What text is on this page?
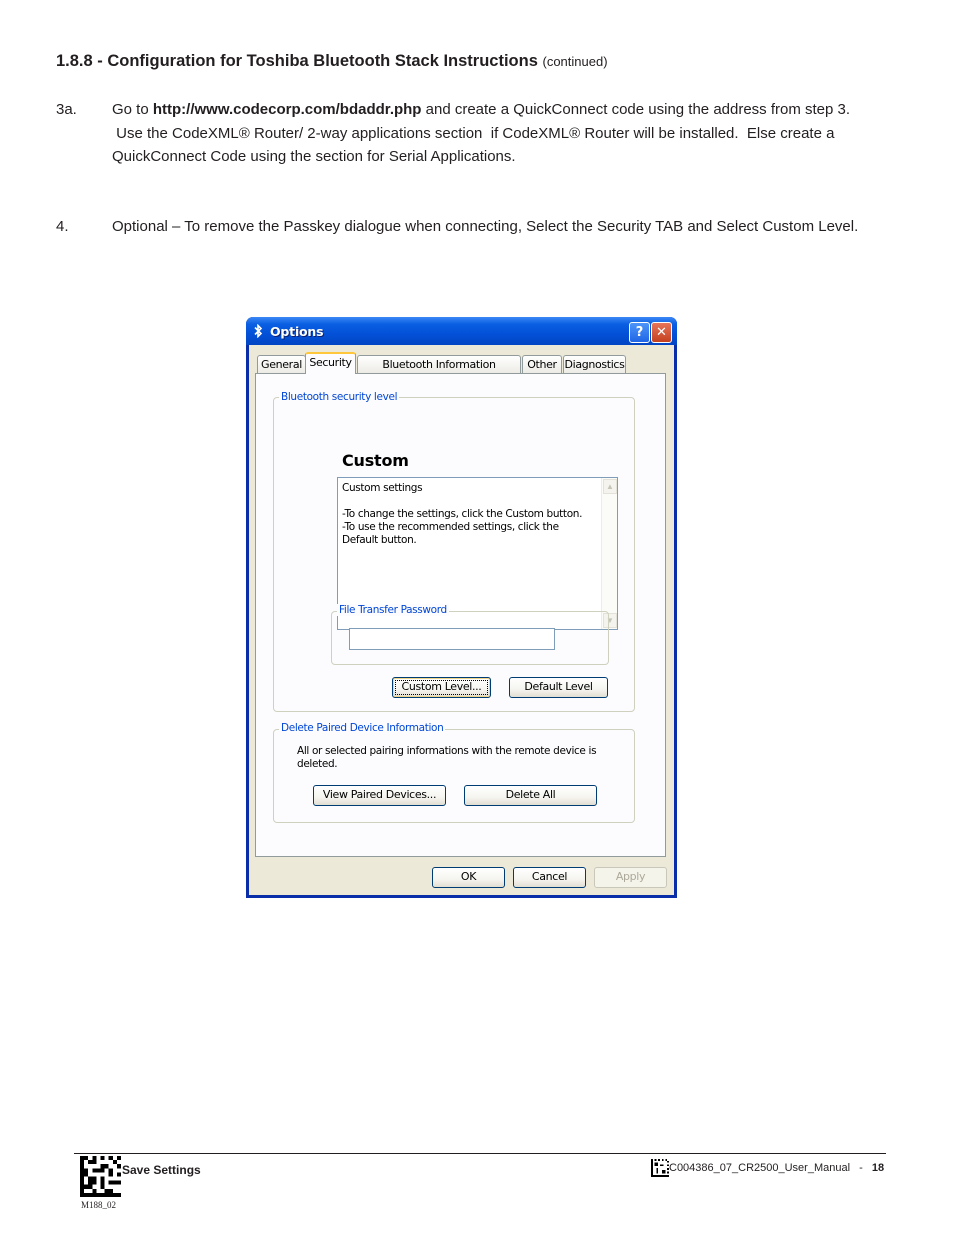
1.8.8 - Configuration for Toshiba Bluetooth Stack Instructions (continued)
3a. Go to http://www.codecorp.com/bdaddr.php and create a QuickConnect code using the address from step 3.
Use the CodeXML® Router/ 2-way applications section  if CodeXML® Router will be installed.  Else create a
QuickConnect Code using the section for Serial Applications.
4.	Optional – To remove the Passkey dialogue when connecting, Select the Security TAB and Select Custom Level.
Options	? ✕
General Security	Bluetooth Information	Other Diagnostics
Bluetooth security level
Custom
Custom settings

-To change the settings, click the Custom button.
-To use the recommended settings, click the Default button.
▲
▼
File Transfer Password
Custom Level...	Default Level
Delete Paired Device Information
All or selected pairing informations with the remote device is deleted.
View Paired Devices...	Delete All
OK	Cancel	Apply
Save Settings
M188_02
C004386_07_CR2500_User_Manual - 18
